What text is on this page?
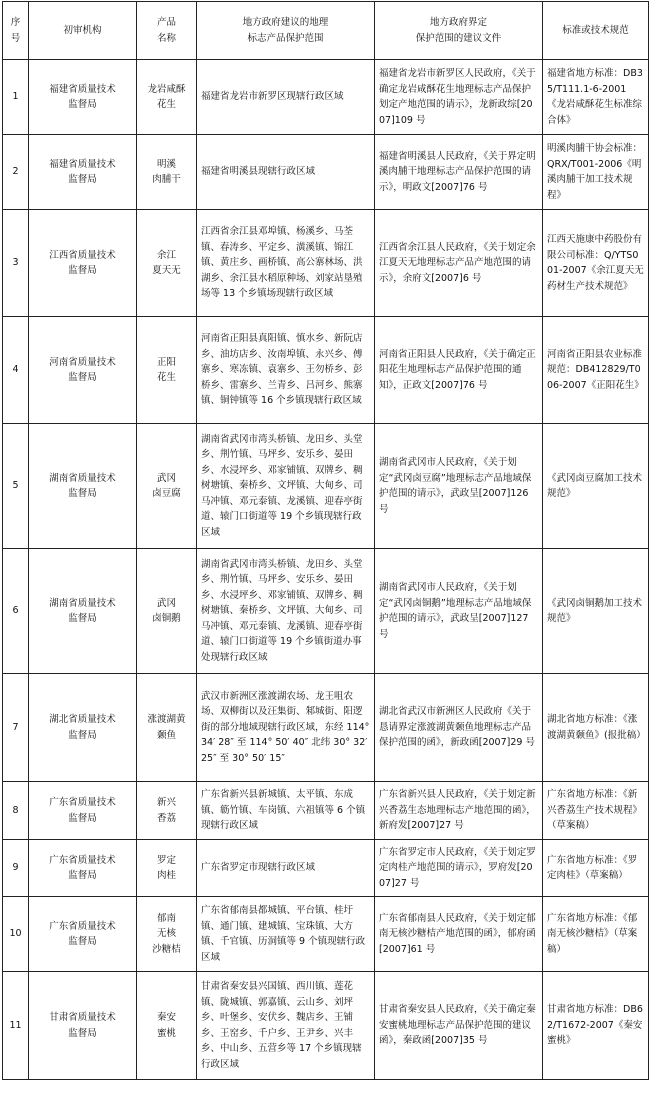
序
号	初审机构	产品
名称	地方政府建议的地理
标志产品保护范围	地方政府界定
保护范围的建议文件	标准或技术规范
1	福建省质量技术
监督局	龙岩咸酥
花生	福建省龙岩市新罗区现辖行政区域	福建省龙岩市新罗区人民政府，《关于确定龙岩咸酥花生地理标志产品保护划定产地范围的请示》，龙新政综[2007]109 号	福建省地方标准：DB35/T111.1-6-2001《龙岩咸酥花生标准综合体》
2	福建省质量技术
监督局	明溪
肉脯干	福建省明溪县现辖行政区域	福建省明溪县人民政府，《关于界定明溪肉脯干地理标志产品保护范围的请示》，明政文[2007]76 号	明溪肉脯干协会标准：QRX/T001-2006《明溪肉脯干加工技术规程》
3	江西省质量技术
监督局	余江
夏天无	江西省余江县邓埠镇、杨溪乡、马荃镇、春涛乡、平定乡、潢溪镇、锦江镇、黄庄乡、画桥镇、高公寨林场、洪湖乡、余江县水稻原种场、刘家站垦殖场等 13 个乡镇场现辖行政区域	江西省余江县人民政府，《关于划定余江夏天无地理标志产品产地范围的请示》，余府文[2007]6 号	江西天施康中药股份有限公司标准：Q/YTS001-2007《余江夏天无药材生产技术规范》
4	河南省质量技术
监督局	正阳
花生	河南省正阳县真阳镇、慎水乡、新阮店乡、油坊店乡、汝南埠镇、永兴乡、傅寨乡、寒冻镇、袁寨乡、王勿桥乡、彭桥乡、雷寨乡、兰青乡、吕河乡、熊寨镇、铜钟镇等 16 个乡镇现辖行政区域	河南省正阳县人民政府，《关于确定正阳花生地理标志产品保护范围的通知》，正政文[2007]76 号	河南省正阳县农业标准规范：DB412829/T006-2007《正阳花生》
5	湖南省质量技术
监督局	武冈
卤豆腐	湖南省武冈市湾头桥镇、龙田乡、头堂乡、荆竹镇、马坪乡、安乐乡、晏田乡、水浸坪乡、邓家铺镇、双牌乡、稠树塘镇、秦桥乡、文坪镇、大甸乡、司马冲镇、邓元泰镇、龙溪镇、迎春亭街道、辕门口街道等 19 个乡镇现辖行政区域	湖南省武冈市人民政府，《关于划定“武冈卤豆腐”地理标志产品地域保护范围的请示》，武政呈[2007]126 号	《武冈卤豆腐加工技术规范》
6	湖南省质量技术
监督局	武冈
卤铜鹅	湖南省武冈市湾头桥镇、龙田乡、头堂乡、荆竹镇、马坪乡、安乐乡、晏田乡、水浸坪乡、邓家铺镇、双牌乡、稠树塘镇、秦桥乡、文坪镇、大甸乡、司马冲镇、邓元泰镇、龙溪镇、迎春亭街道、辕门口街道等 19 个乡镇街道办事处现辖行政区域	湖南省武冈市人民政府，《关于划定“武冈卤铜鹅”地理标志产品地域保护范围的请示》，武政呈[2007]127 号	《武冈卤铜鹅加工技术规范》
7	湖北省质量技术
监督局	涨渡湖黄
颡鱼	武汉市新洲区涨渡湖农场、龙王咀农场、双柳街以及汪集街、邾城街、阳逻街的部分地域现辖行政区域，东经 114° 34′ 28″ 至 114° 50′ 40″ 北纬 30° 32′ 25″ 至 30° 50′ 15″	湖北省武汉市新洲区人民政府《关于恳请界定涨渡湖黄颡鱼地理标志产品保护范围的函》，新政函[2007]29 号	湖北省地方标准：《涨渡湖黄颡鱼》(报批稿）
8	广东省质量技术
监督局	新兴
香荔	广东省新兴县新城镇、太平镇、东成镇、簕竹镇、车岗镇、六祖镇等 6 个镇现辖行政区域	广东省新兴县人民政府，《关于划定新兴香荔生态地理标志产地范围的函》，新府发[2007]27 号	广东省地方标准：《新兴香荔生产技术规程》（草案稿）
9	广东省质量技术
监督局	罗定
肉桂	广东省罗定市现辖行政区域	广东省罗定市人民政府，《关于划定罗定肉桂产地范围的请示》，罗府发[2007]27 号	广东省地方标准：《罗定肉桂》（草案稿）
10	广东省质量技术
监督局	郁南
无核
沙糖桔	广东省郁南县都城镇、平台镇、桂圩镇、通门镇、建城镇、宝珠镇、大方镇、千官镇、历洞镇等 9 个镇现辖行政区域	广东省郁南县人民政府，《关于划定郁南无核沙糖桔产地范围的函》，郁府函[2007]61 号	广东省地方标准：《郁南无核沙糖桔》（草案稿）
11	甘肃省质量技术
监督局	秦安
蜜桃	甘肃省秦安县兴国镇、西川镇、莲花镇、陇城镇、郭嘉镇、云山乡、刘坪乡、叶堡乡、安伏乡、魏店乡、王铺乡、王窑乡、千户乡、王尹乡、兴丰乡、中山乡、五营乡等 17 个乡镇现辖行政区域	甘肃省秦安县人民政府，《关于确定秦安蜜桃地理标志产品保护范围的建议函》，秦政函[2007]35 号	甘肃省地方标准：DB62/T1672-2007《秦安蜜桃》
